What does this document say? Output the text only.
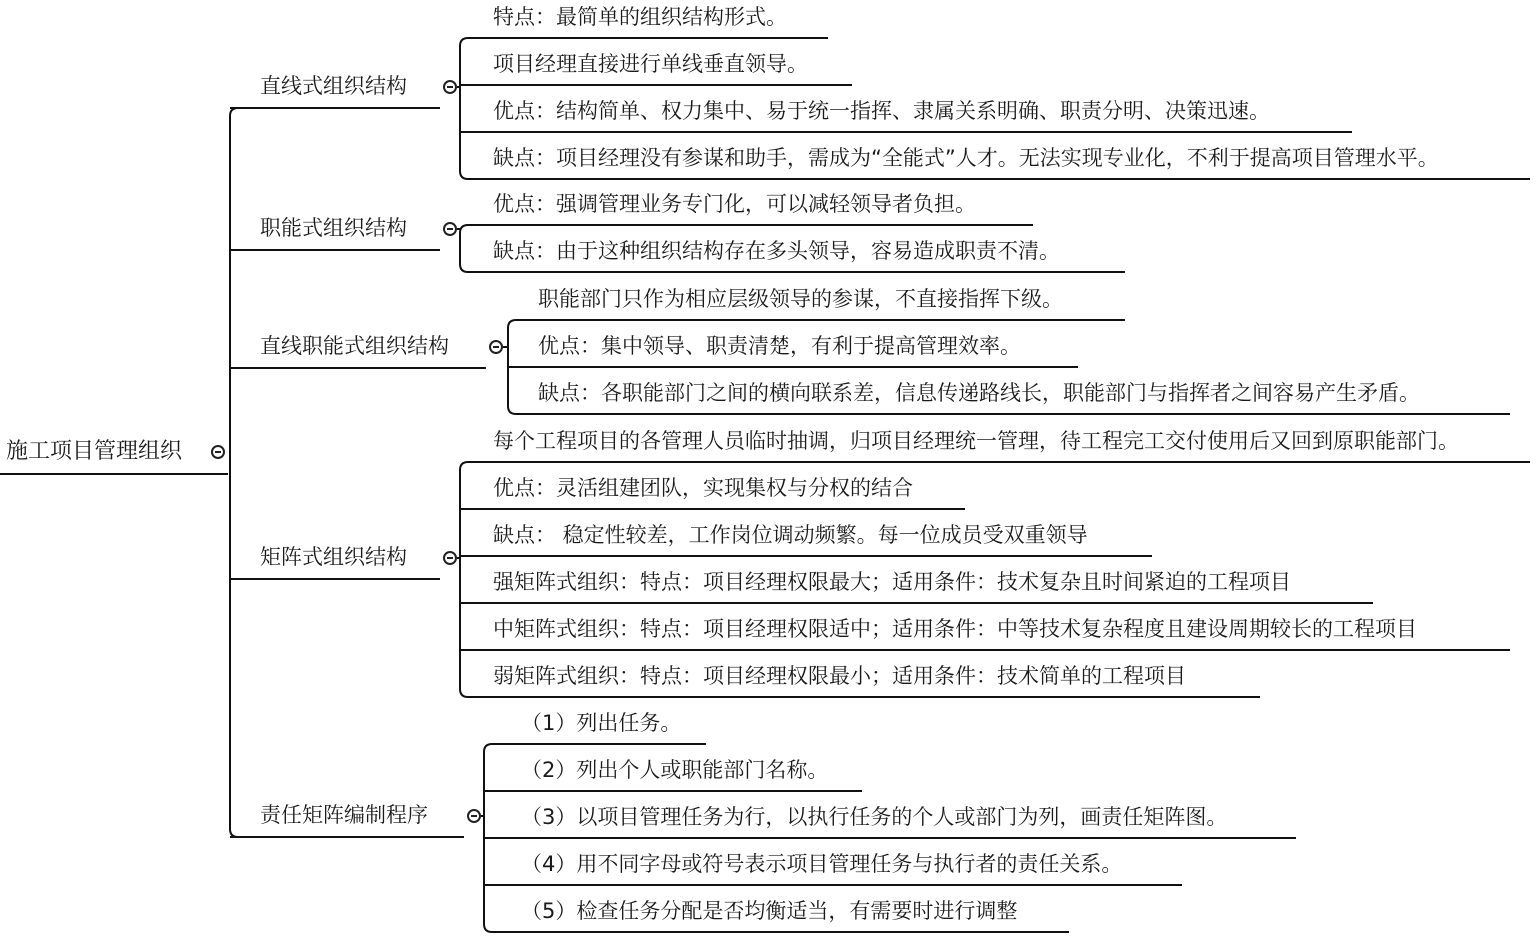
施工项目管理组织
直线式组织结构
特点：最简单的组织结构形式。
项目经理直接进行单线垂直领导。
优点：结构简单、权力集中、易于统一指挥、隶属关系明确、职责分明、决策迅速。
缺点：项目经理没有参谋和助手，需成为“全能式”人才。无法实现专业化，不利于提高项目管理水平。
职能式组织结构
优点：强调管理业务专门化，可以减轻领导者负担。
缺点：由于这种组织结构存在多头领导，容易造成职责不清。
直线职能式组织结构
职能部门只作为相应层级领导的参谋，不直接指挥下级。
优点：集中领导、职责清楚，有利于提高管理效率。
缺点：各职能部门之间的横向联系差，信息传递路线长，职能部门与指挥者之间容易产生矛盾。
矩阵式组织结构
每个工程项目的各管理人员临时抽调，归项目经理统一管理，待工程完工交付使用后又回到原职能部门。
优点：灵活组建团队，实现集权与分权的结合
缺点： 稳定性较差，工作岗位调动频繁。每一位成员受双重领导
强矩阵式组织：特点：项目经理权限最大；适用条件：技术复杂且时间紧迫的工程项目
中矩阵式组织：特点：项目经理权限适中；适用条件：中等技术复杂程度且建设周期较长的工程项目
弱矩阵式组织：特点：项目经理权限最小；适用条件：技术简单的工程项目
责任矩阵编制程序
（1）列出任务。
（2）列出个人或职能部门名称。
（3）以项目管理任务为行，以执行任务的个人或部门为列，画责任矩阵图。
（4）用不同字母或符号表示项目管理任务与执行者的责任关系。
（5）检查任务分配是否均衡适当，有需要时进行调整
